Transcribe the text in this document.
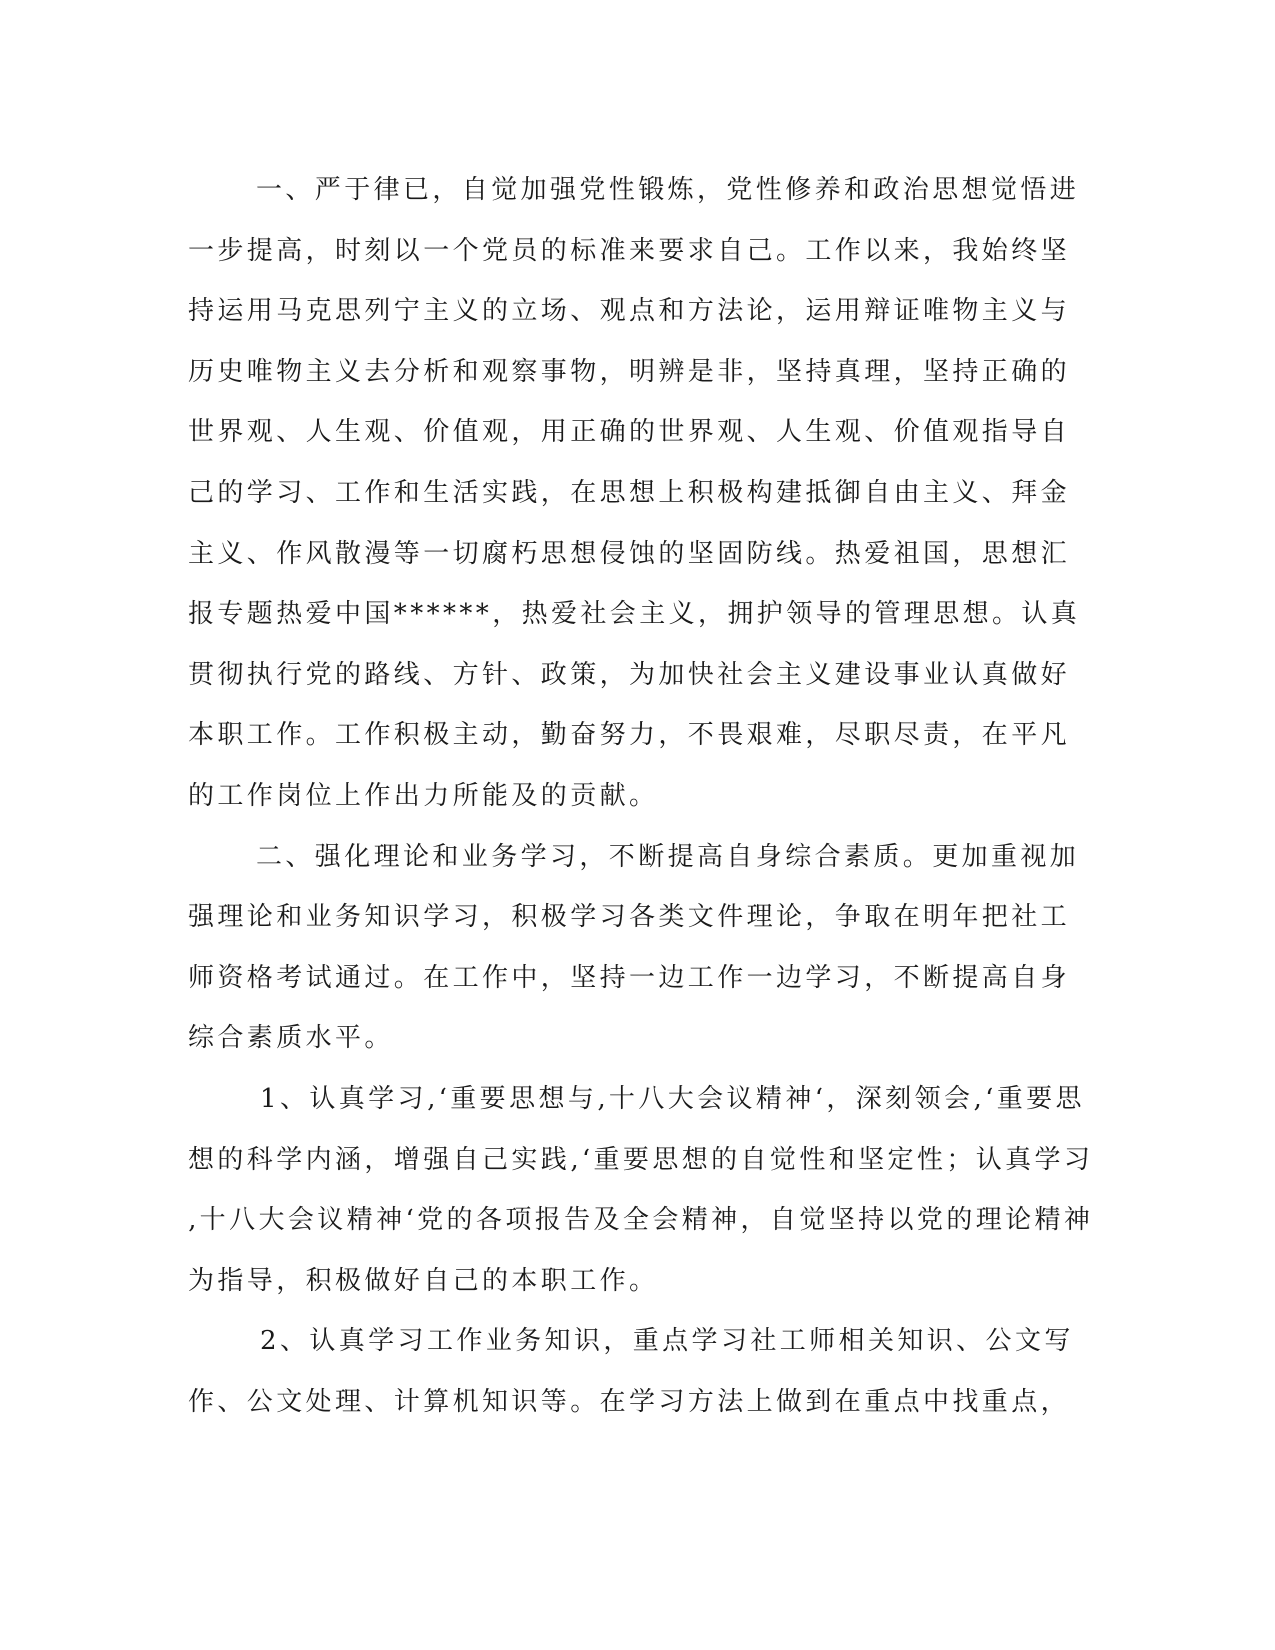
一、严于律已，自觉加强党性锻炼，党性修养和政治思想觉悟进
一步提高，时刻以一个党员的标准来要求自己。工作以来，我始终坚
持运用马克思列宁主义的立场、观点和方法论，运用辩证唯物主义与
历史唯物主义去分析和观察事物，明辨是非，坚持真理，坚持正确的
世界观、人生观、价值观，用正确的世界观、人生观、价值观指导自
己的学习、工作和生活实践，在思想上积极构建抵御自由主义、拜金
主义、作风散漫等一切腐朽思想侵蚀的坚固防线。热爱祖国，思想汇
报专题热爱中国******，热爱社会主义，拥护领导的管理思想。认真
贯彻执行党的路线、方针、政策，为加快社会主义建设事业认真做好
本职工作。工作积极主动，勤奋努力，不畏艰难，尽职尽责，在平凡
的工作岗位上作出力所能及的贡献。
二、强化理论和业务学习，不断提高自身综合素质。更加重视加
强理论和业务知识学习，积极学习各类文件理论，争取在明年把社工
师资格考试通过。在工作中，坚持一边工作一边学习，不断提高自身
综合素质水平。
1、认真学习‚‘重要思想与‚十八大会议精神‘，深刻领会‚‘重要思
想的科学内涵，增强自己实践‚‘重要思想的自觉性和坚定性；认真学习
‚十八大会议精神‘党的各项报告及全会精神，自觉坚持以党的理论精神
为指导，积极做好自己的本职工作。
2、认真学习工作业务知识，重点学习社工师相关知识、公文写
作、公文处理、计算机知识等。在学习方法上做到在重点中找重点，
